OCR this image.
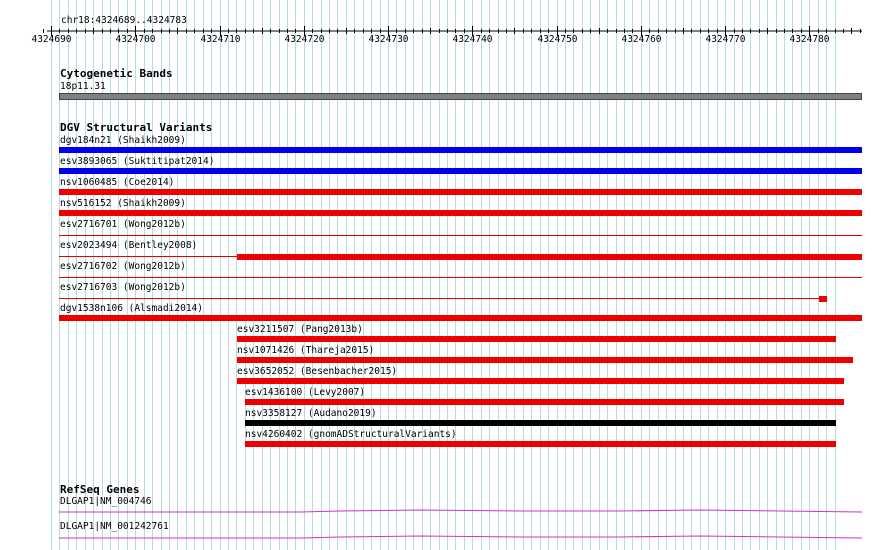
chr18:4324689..4324783
4324690	4324700	4324710	4324720	4324730	4324740	4324750	4324760	4324770	4324780
Cytogenetic Bands
18p11.31
DGV Structural Variants
dgv184n21 (Shaikh2009)
esv3893065 (Suktitipat2014)
nsv1060485 (Coe2014)
nsv516152 (Shaikh2009)
esv2716701 (Wong2012b)
esv2023494 (Bentley2008)
esv2716702 (Wong2012b)
esv2716703 (Wong2012b)
dgv1538n106 (Alsmadi2014)
esv3211507 (Pang2013b)
nsv1071426 (Thareja2015)
esv3652052 (Besenbacher2015)
esv1436100 (Levy2007)
nsv3358127 (Audano2019)
nsv4260402 (gnomADStructuralVariants)
RefSeq Genes
DLGAP1|NM_004746
DLGAP1|NM_001242761
